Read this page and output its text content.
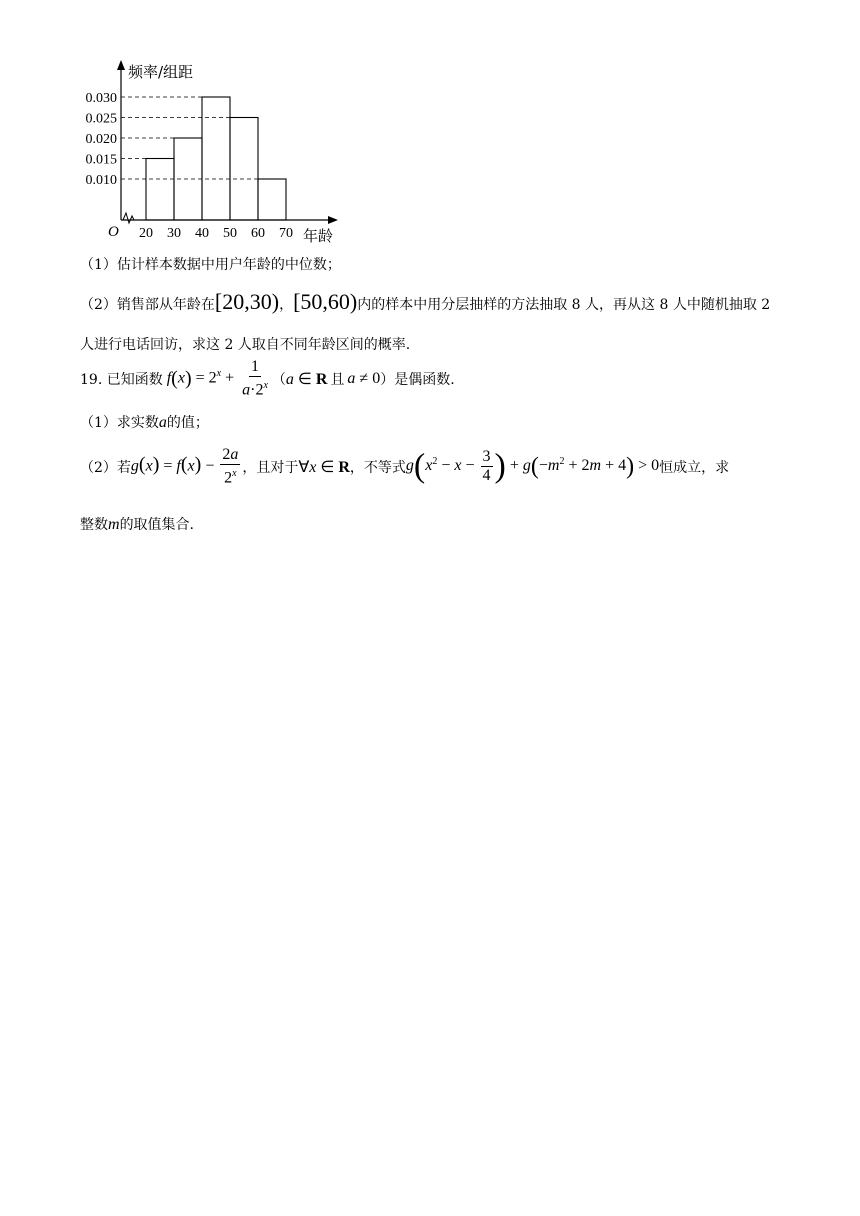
频率/组距
年龄
O 20 30 40 50 60 70
0.030
0.025
0.020
0.015
0.010
（1）估计样本数据中用户年龄的中位数；
（2）销售部从年龄在[20,30)，[50,60)内的样本中用分层抽样的方法抽取 8 人，再从这 8 人中随机抽取 2
人进行电话回访，求这 2 人取自不同年龄区间的概率.
19. 已知函数 $f(x) = 2^x + \frac{1}{a\cdot 2^x}$ （ a ∈ R 且 a ≠ 0 ）是偶函数.
（1）求实数a的值；
（2）若 $g(x) = f(x) - \frac{2a}{2^x}$ ，且对于 ∀x ∈ R ，不等式 $g(x^2 - x - \frac{3}{4}$ ) + $g(-m^2 + 2m + 4) > 0$ 恒成立，求
整数m的取值集合.
